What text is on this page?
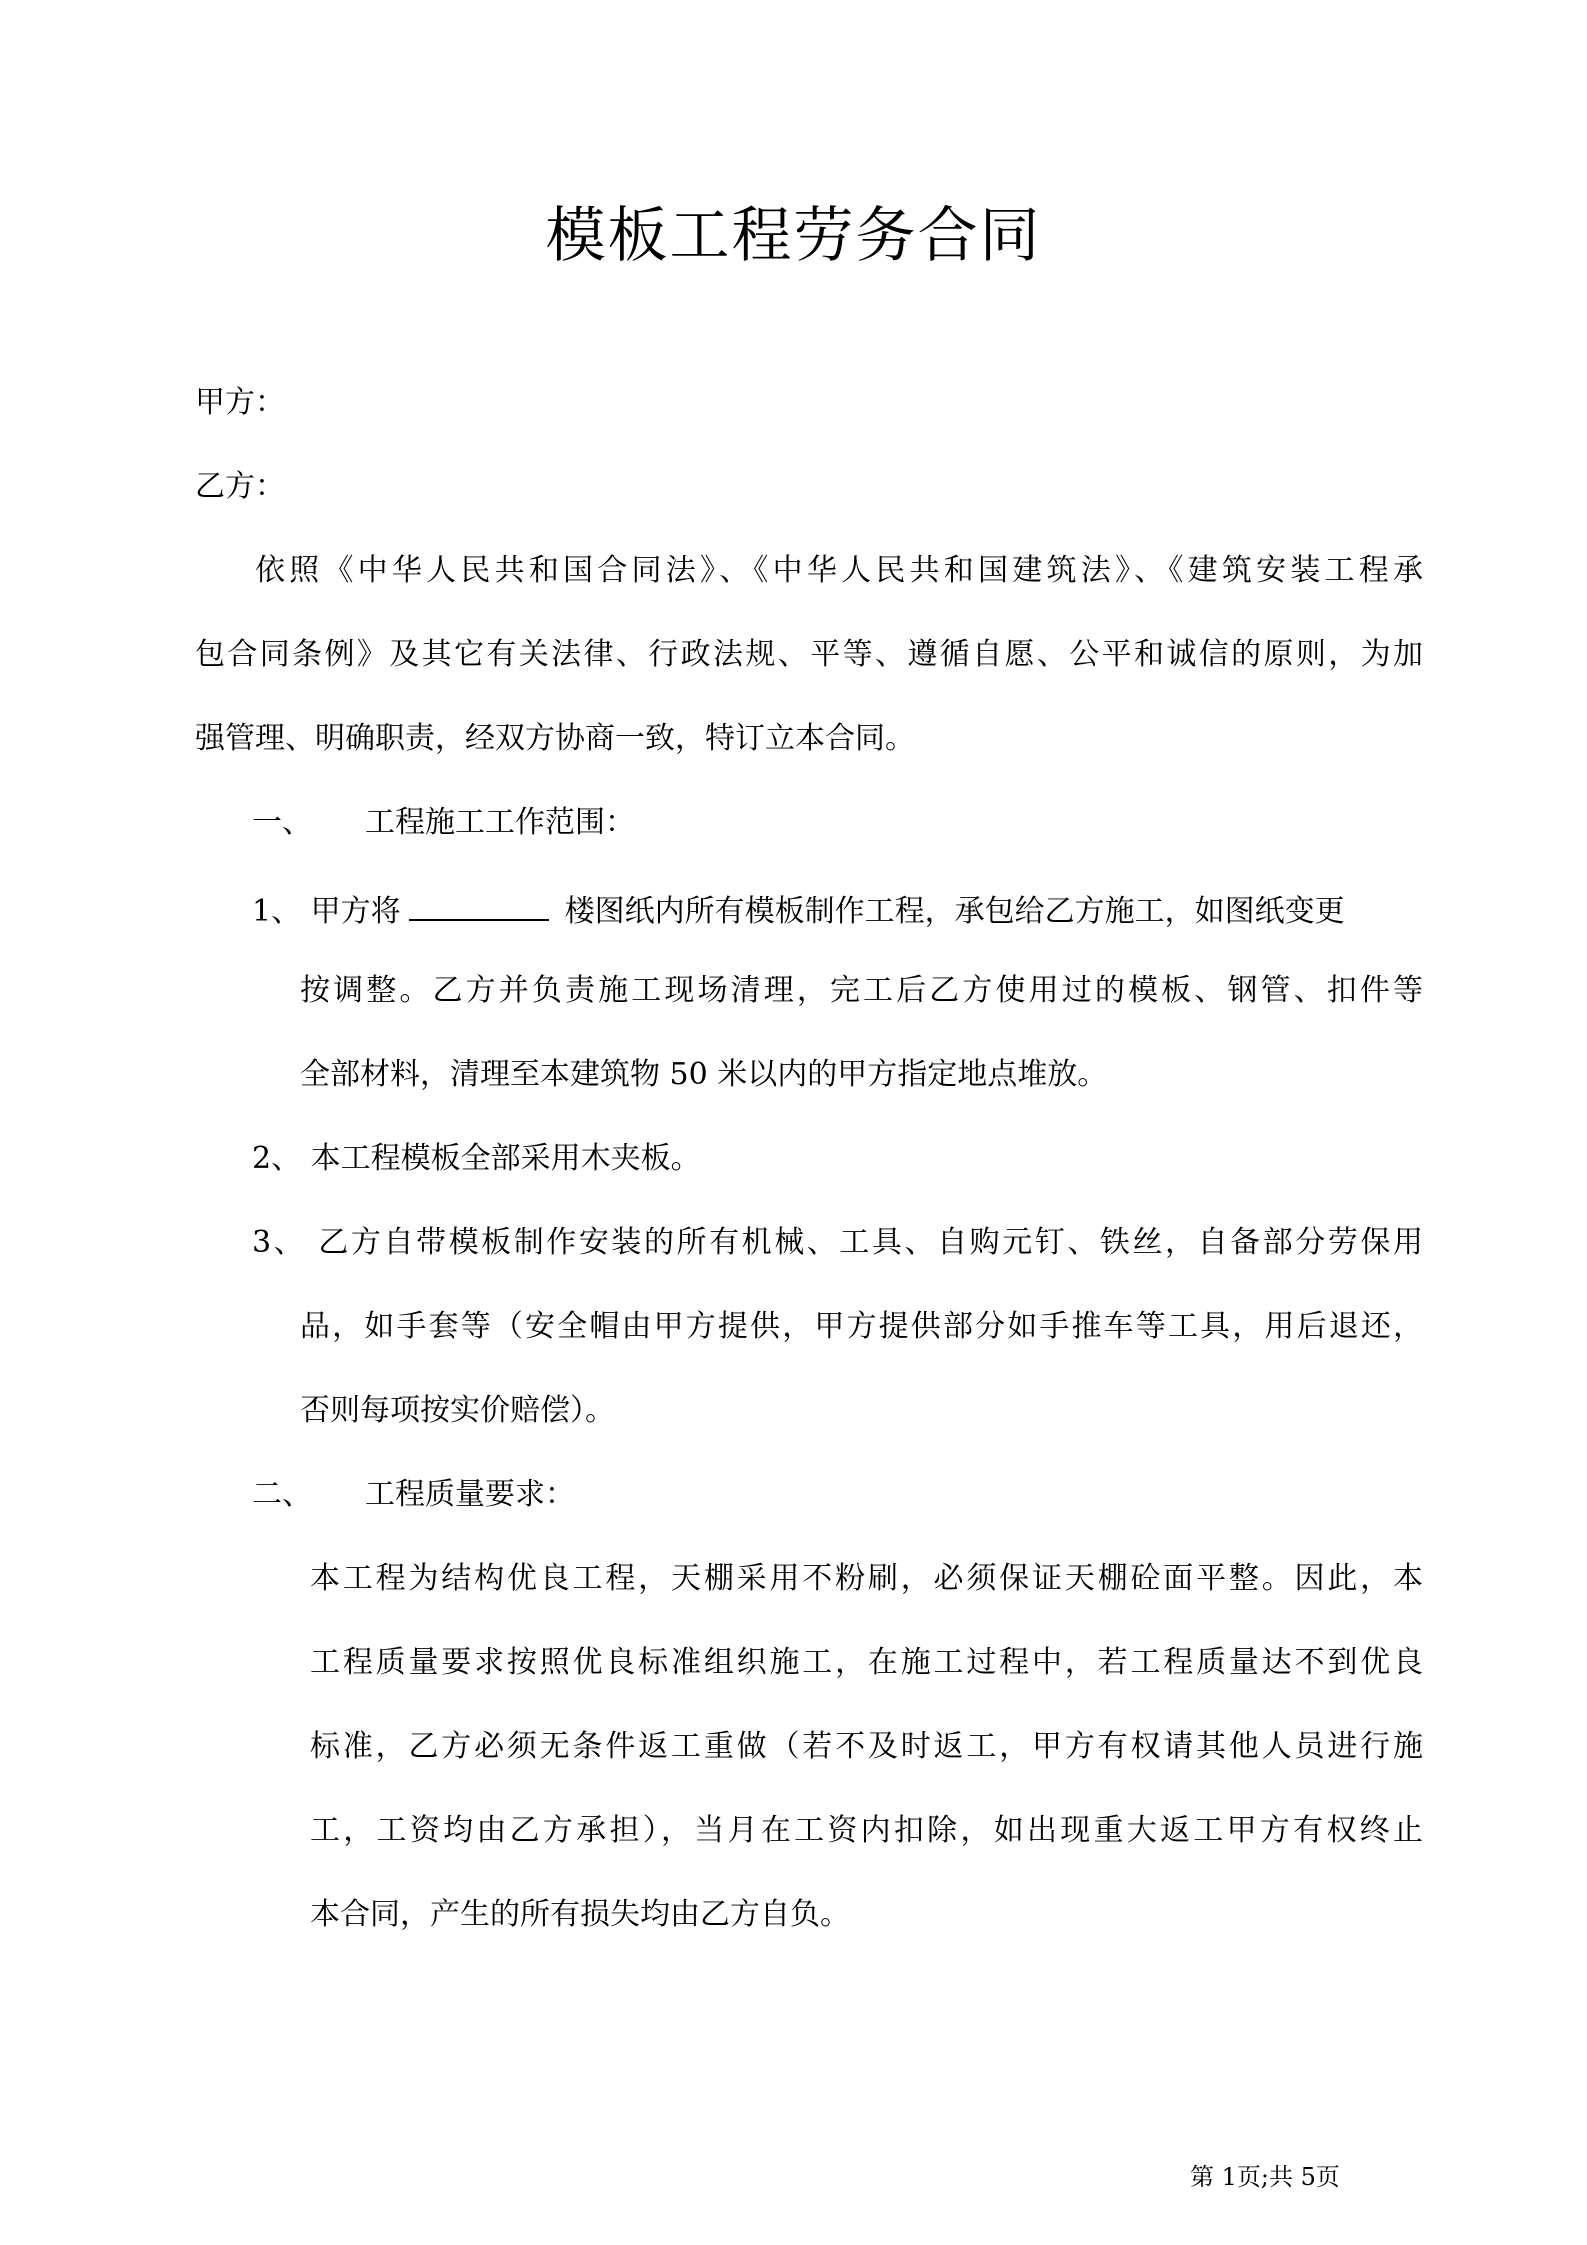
模板工程劳务合同
甲方：
乙方：
依照《中华人民共和国合同法》、《中华人民共和国建筑法》、《建筑安装工程承
包合同条例》及其它有关法律、行政法规、平等、遵循自愿、公平和诚信的原则，为加
强管理、明确职责，经双方协商一致，特订立本合同。
一、 工程施工工作范围：
1、 甲方将	楼图纸内所有模板制作工程，承包给乙方施工，如图纸变更
按调整。乙方并负责施工现场清理，完工后乙方使用过的模板、钢管、扣件等
全部材料，清理至本建筑物 50 米以内的甲方指定地点堆放。
2、 本工程模板全部采用木夹板。
3、 乙方自带模板制作安装的所有机械、工具、自购元钉、铁丝，自备部分劳保用
品，如手套等（安全帽由甲方提供，甲方提供部分如手推车等工具，用后退还，
否则每项按实价赔偿）。
二、 工程质量要求：
本工程为结构优良工程，天棚采用不粉刷，必须保证天棚砼面平整。因此，本
工程质量要求按照优良标准组织施工，在施工过程中，若工程质量达不到优良
标准，乙方必须无条件返工重做（若不及时返工，甲方有权请其他人员进行施
工，工资均由乙方承担），当月在工资内扣除，如出现重大返工甲方有权终止
本合同，产生的所有损失均由乙方自负。
第 1页;共 5页
